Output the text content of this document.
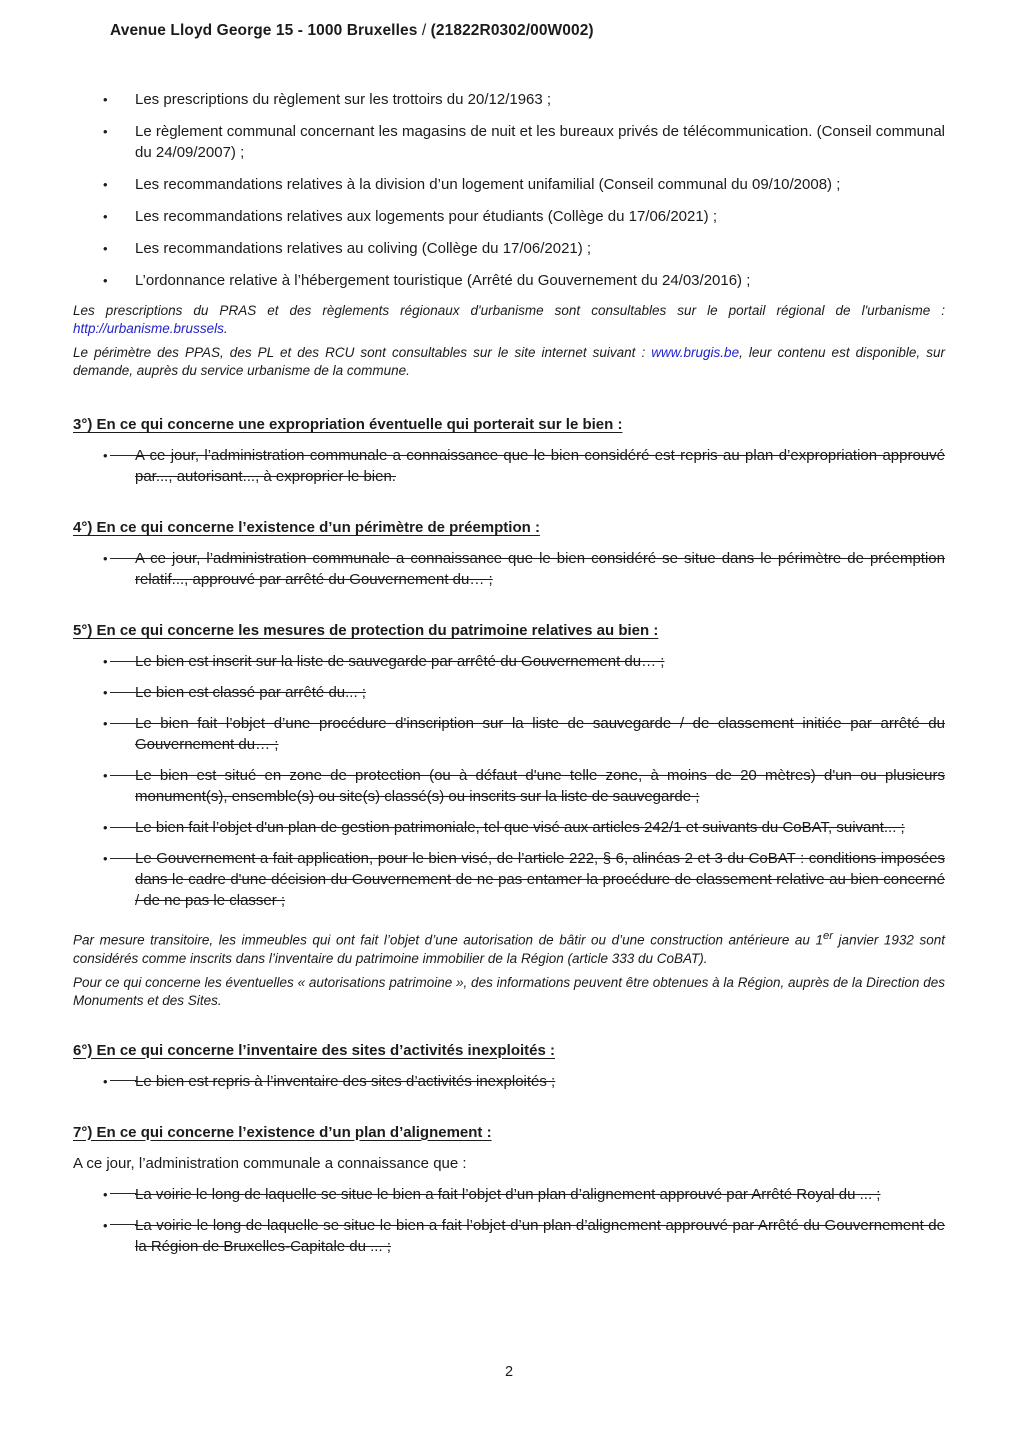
Avenue Lloyd George 15 - 1000 Bruxelles / (21822R0302/00W002)
•	Les prescriptions du règlement sur les trottoirs du 20/12/1963 ;
•	Le règlement communal concernant les magasins de nuit et les bureaux privés de télécommunication. (Conseil communal du 24/09/2007) ;
•	Les recommandations relatives à la division d’un logement unifamilial (Conseil communal du 09/10/2008) ;
•	Les recommandations relatives aux logements pour étudiants (Collège du 17/06/2021) ;
•	Les recommandations relatives au coliving (Collège du 17/06/2021) ;
•	L’ordonnance relative à l’hébergement touristique (Arrêté du Gouvernement du 24/03/2016) ;

Les prescriptions du PRAS et des règlements régionaux d'urbanisme sont consultables sur le portail régional de l'urbanisme : http://urbanisme.brussels.

Le périmètre des PPAS, des PL et des RCU sont consultables sur le site internet suivant : www.brugis.be, leur contenu est disponible, sur demande, auprès du service urbanisme de la commune.

3°) En ce qui concerne une expropriation éventuelle qui porterait sur le bien :
•	A ce jour, l’administration communale a connaissance que le bien considéré est repris au plan d’expropriation approuvé par..., autorisant..., à exproprier le bien.
4°) En ce qui concerne l’existence d’un périmètre de préemption :
•	A ce jour, l’administration communale a connaissance que le bien considéré se situe dans le périmètre de préemption relatif..., approuvé par arrêté du Gouvernement du… ;
5°) En ce qui concerne les mesures de protection du patrimoine relatives au bien :
•	Le bien est inscrit sur la liste de sauvegarde par arrêté du Gouvernement du… ;
•	Le bien est classé par arrêté du... ;
•	Le bien fait l’objet d’une procédure d'inscription sur la liste de sauvegarde / de classement initiée par arrêté du Gouvernement du… ;
•	Le bien est situé en zone de protection (ou à défaut d'une telle zone, à moins de 20 mètres) d'un ou plusieurs monument(s), ensemble(s) ou site(s) classé(s) ou inscrits sur la liste de sauvegarde ;
•	Le bien fait l’objet d'un plan de gestion patrimoniale, tel que visé aux articles 242/1 et suivants du CoBAT, suivant... ;
•	Le Gouvernement a fait application, pour le bien visé, de l’article 222, § 6, alinéas 2 et 3 du CoBAT : conditions imposées dans le cadre d'une décision du Gouvernement de ne pas entamer la procédure de classement relative au bien concerné / de ne pas le classer ;

Par mesure transitoire, les immeubles qui ont fait l’objet d’une autorisation de bâtir ou d’une construction antérieure au 1er janvier 1932 sont considérés comme inscrits dans l’inventaire du patrimoine immobilier de la Région (article 333 du CoBAT).

Pour ce qui concerne les éventuelles « autorisations patrimoine », des informations peuvent être obtenues à la Région, auprès de la Direction des Monuments et des Sites.

6°) En ce qui concerne l’inventaire des sites d’activités inexploités :
•	Le bien est repris à l’inventaire des sites d’activités inexploités ;
7°) En ce qui concerne l’existence d’un plan d’alignement :
A ce jour, l’administration communale a connaissance que :
•	La voirie le long de laquelle se situe le bien a fait l’objet d’un plan d’alignement approuvé par Arrêté Royal du ... ;
•	La voirie le long de laquelle se situe le bien a fait l’objet d’un plan d’alignement approuvé par Arrêté du Gouvernement de la Région de Bruxelles-Capitale du ... ;
2
